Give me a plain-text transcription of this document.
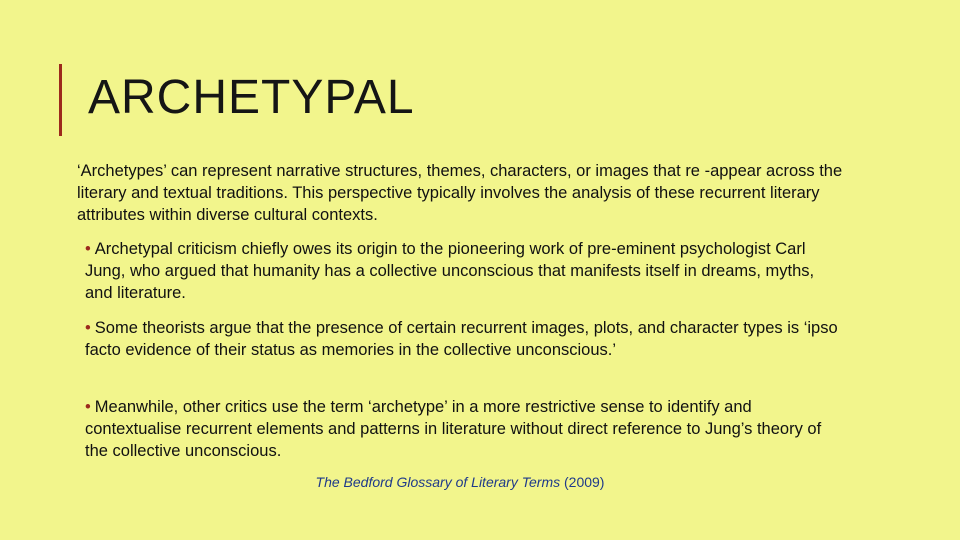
ARCHETYPAL
‘Archetypes’ can represent narrative structures, themes, characters, or images that re -appear across the literary and textual traditions. This perspective typically involves the analysis of these recurrent literary attributes within diverse cultural contexts.
• Archetypal criticism chiefly owes its origin to the pioneering work of pre-eminent psychologist Carl Jung, who argued that humanity has a collective unconscious that manifests itself in dreams, myths, and literature.
• Some theorists argue that the presence of certain recurrent images, plots, and character types is ‘ipso facto evidence of their status as memories in the collective unconscious.’
• Meanwhile, other critics use the term ‘archetype’ in a more restrictive sense to identify and contextualise recurrent elements and patterns in literature without direct reference to Jung’s theory of the collective unconscious.
The Bedford Glossary of Literary Terms (2009)
